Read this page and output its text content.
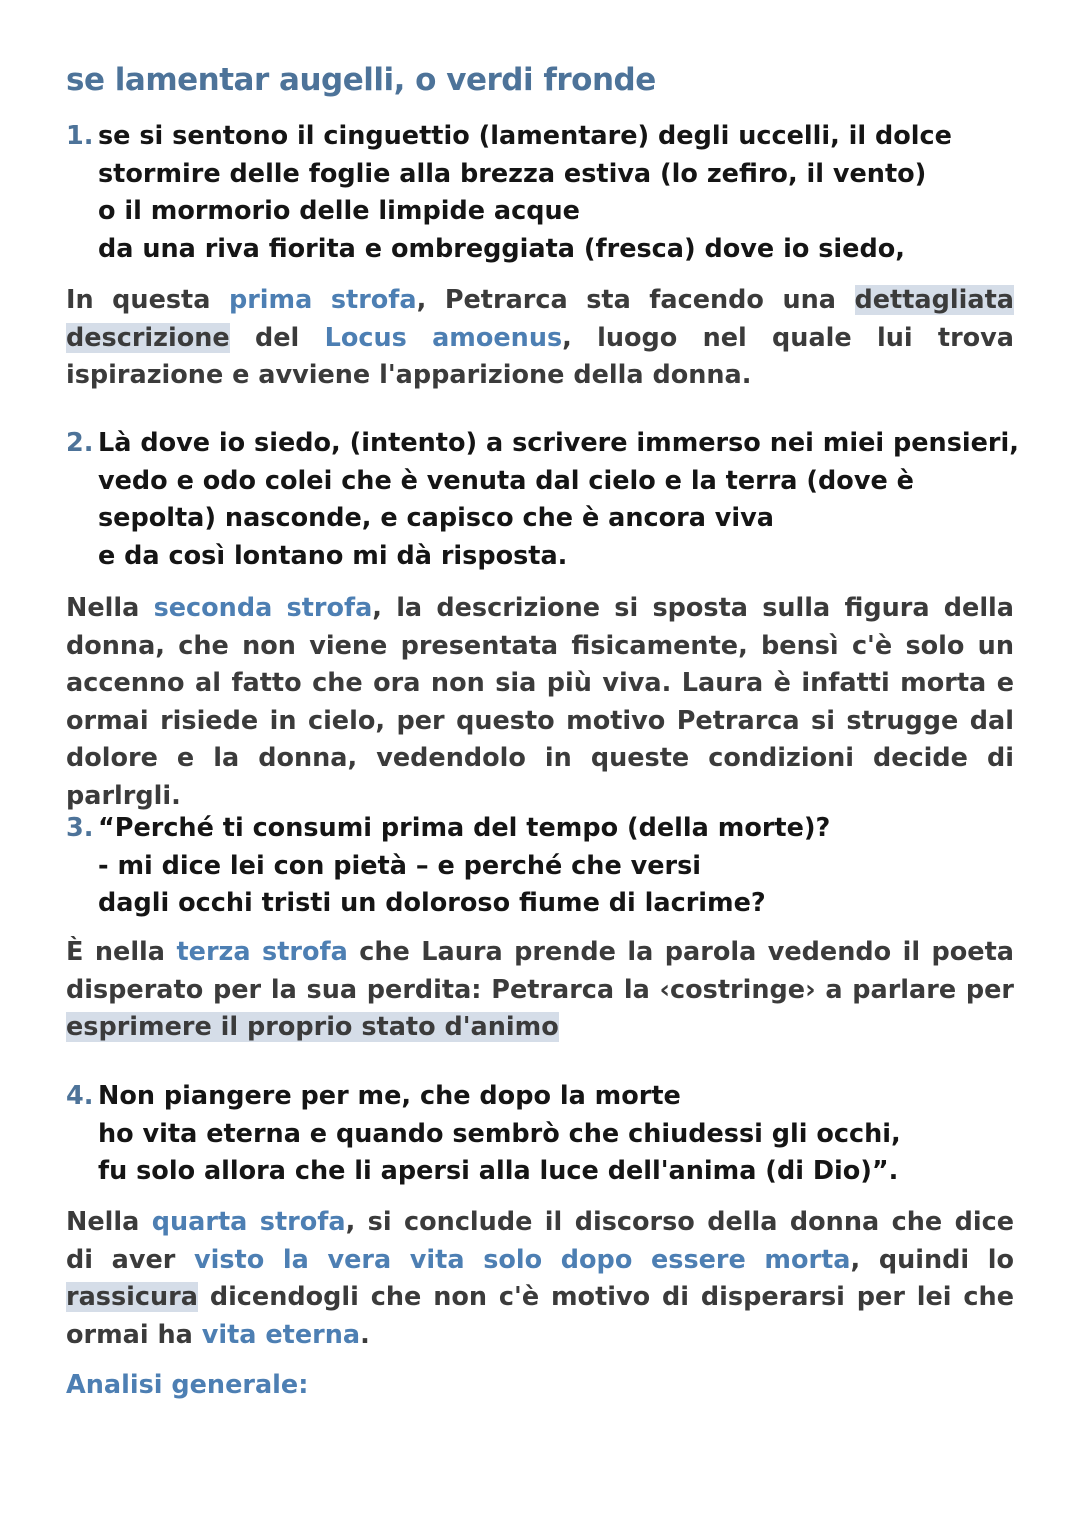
se lamentar augelli, o verdi fronde
1. se si sentono il cinguettio (lamentare) degli uccelli, il dolce
stormire delle foglie alla brezza estiva (lo zefiro, il vento)
o il mormorio delle limpide acque
da una riva fiorita e ombreggiata (fresca) dove io siedo,

In questa prima strofa, Petrarca sta facendo una dettagliata descrizione del Locus amoenus, luogo nel quale lui trova ispirazione e avviene l'apparizione della donna.

2. Là dove io siedo, (intento) a scrivere immerso nei miei pensieri,
vedo e odo colei che è venuta dal cielo e la terra (dove è
sepolta) nasconde, e capisco che è ancora viva
e da così lontano mi dà risposta.

Nella seconda strofa, la descrizione si sposta sulla figura della donna, che non viene presentata fisicamente, bensì c'è solo un accenno al fatto che ora non sia più viva. Laura è infatti morta e ormai risiede in cielo, per questo motivo Petrarca si strugge dal dolore e la donna, vedendolo in queste condizioni decide di parlrgli.

3. “Perché ti consumi prima del tempo (della morte)?
- mi dice lei con pietà – e perché che versi
dagli occhi tristi un doloroso fiume di lacrime?

È nella terza strofa che Laura prende la parola vedendo il poeta disperato per la sua perdita: Petrarca la ‹costringe› a parlare per esprimere il proprio stato d'animo

4. Non piangere per me, che dopo la morte
ho vita eterna e quando sembrò che chiudessi gli occhi,
fu solo allora che li apersi alla luce dell'anima (di Dio)”.

Nella quarta strofa, si conclude il discorso della donna che dice di aver visto la vera vita solo dopo essere morta, quindi lo rassicura dicendogli che non c'è motivo di disperarsi per lei che ormai ha vita eterna.

Analisi generale:
